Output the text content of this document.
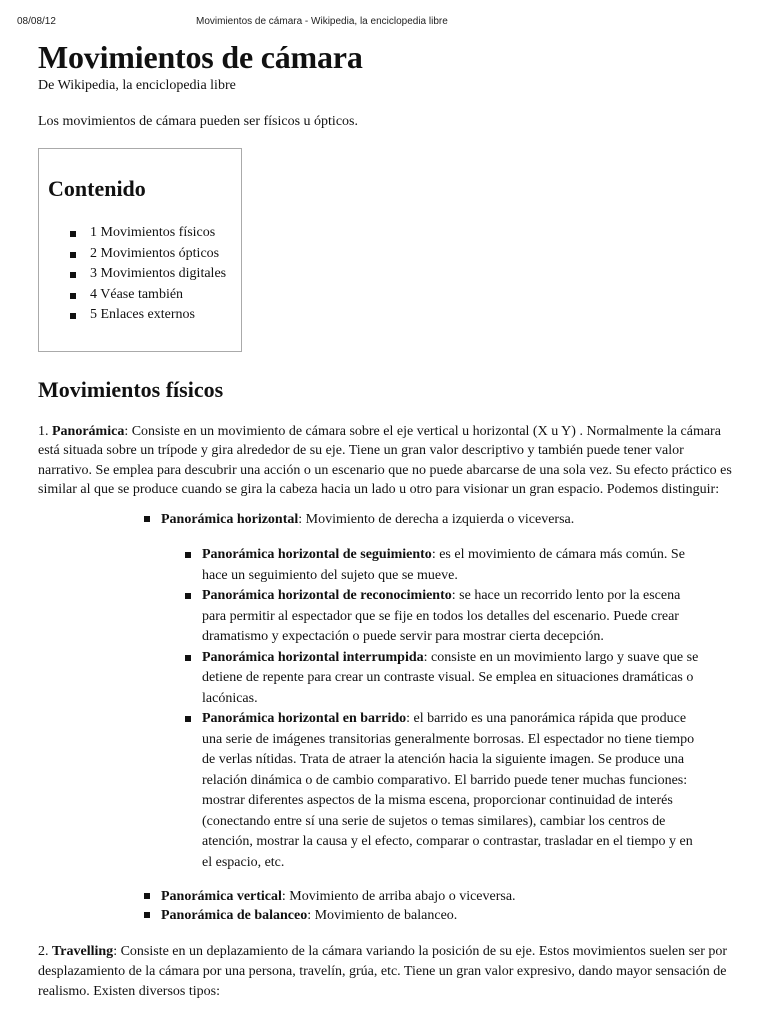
08/08/12	Movimientos de cámara - Wikipedia, la enciclopedia libre
Movimientos de cámara

De Wikipedia, la enciclopedia libre

Los movimientos de cámara pueden ser físicos u ópticos.

Contenido
1 Movimientos físicos
2 Movimientos ópticos
3 Movimientos digitales
4 Véase también
5 Enlaces externos
Movimientos físicos

1. Panorámica: Consiste en un movimiento de cámara sobre el eje vertical u horizontal (X u Y) . Normalmente la cámara está situada sobre un trípode y gira alrededor de su eje. Tiene un gran valor descriptivo y también puede tener valor narrativo. Se emplea para descubrir una acción o un escenario que no puede abarcarse de una sola vez. Su efecto práctico es similar al que se produce cuando se gira la cabeza hacia un lado u otro para visionar un gran espacio. Podemos distinguir:

Panorámica horizontal: Movimiento de derecha a izquierda o viceversa.
Panorámica horizontal de seguimiento: es el movimiento de cámara más común. Se hace un seguimiento del sujeto que se mueve.
Panorámica horizontal de reconocimiento: se hace un recorrido lento por la escena para permitir al espectador que se fije en todos los detalles del escenario. Puede crear dramatismo y expectación o puede servir para mostrar cierta decepción.
Panorámica horizontal interrumpida: consiste en un movimiento largo y suave que se detiene de repente para crear un contraste visual. Se emplea en situaciones dramáticas o lacónicas.
Panorámica horizontal en barrido: el barrido es una panorámica rápida que produce una serie de imágenes transitorias generalmente borrosas. El espectador no tiene tiempo de verlas nítidas. Trata de atraer la atención hacia la siguiente imagen. Se produce una relación dinámica o de cambio comparativo. El barrido puede tener muchas funciones: mostrar diferentes aspectos de la misma escena, proporcionar continuidad de interés (conectando entre sí una serie de sujetos o temas similares), cambiar los centros de atención, mostrar la causa y el efecto, comparar o contrastar, trasladar en el tiempo y en el espacio, etc.
Panorámica vertical: Movimiento de arriba abajo o viceversa.
Panorámica de balanceo: Movimiento de balanceo.

2. Travelling: Consiste en un deplazamiento de la cámara variando la posición de su eje. Estos movimientos suelen ser por desplazamiento de la cámara por una persona, travelín, grúa, etc. Tiene un gran valor expresivo, dando mayor sensación de realismo. Existen diversos tipos:
